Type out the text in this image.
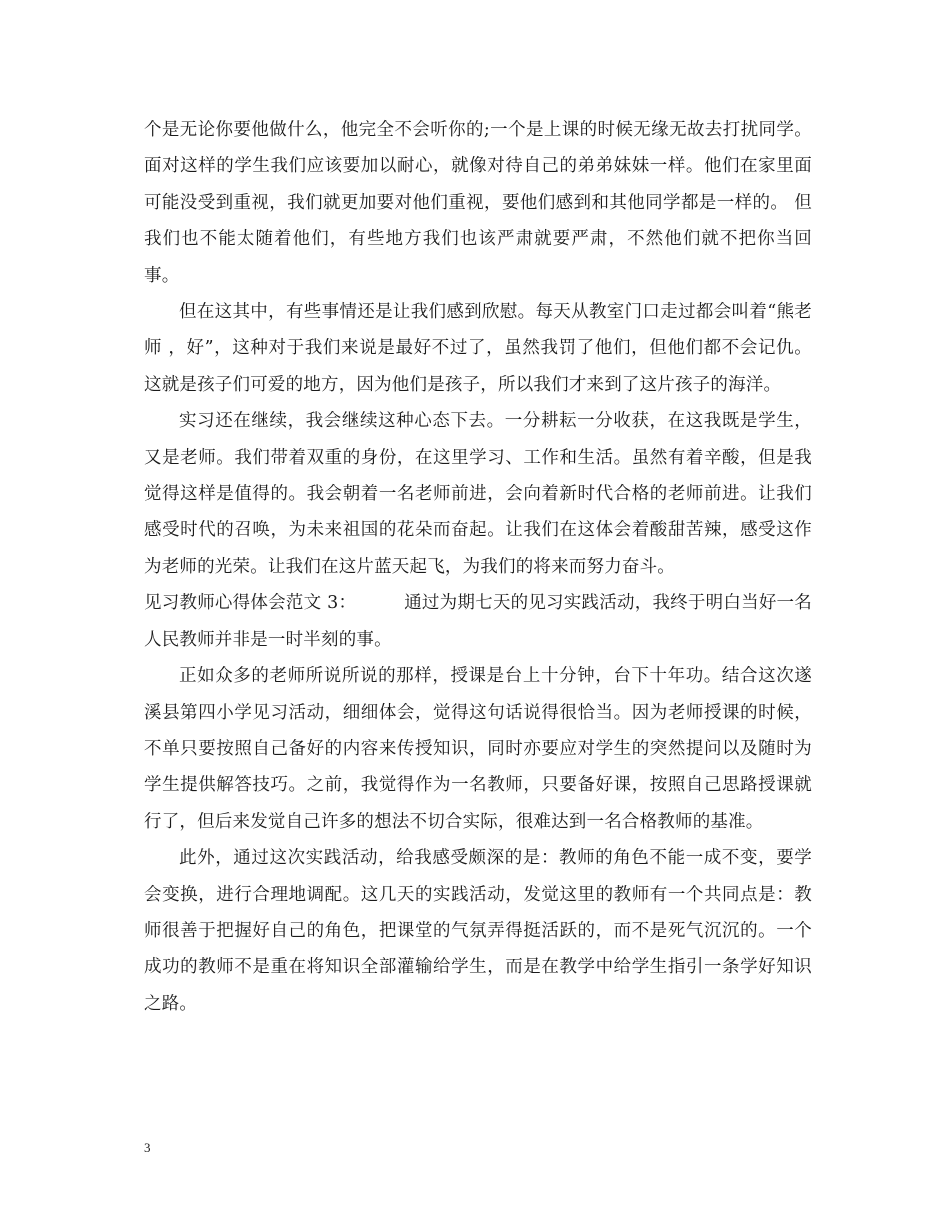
个是无论你要他做什么，他完全不会听你的;一个是上课的时候无缘无故去打扰同学。面对这样的学生我们应该要加以耐心，就像对待自己的弟弟妹妹一样。他们在家里面可能没受到重视，我们就更加要对他们重视，要他们感到和其他同学都是一样的。 但我们也不能太随着他们，有些地方我们也该严肃就要严肃，不然他们就不把你当回事。

但在这其中，有些事情还是让我们感到欣慰。每天从教室门口走过都会叫着“熊老师 ，好”，这种对于我们来说是最好不过了，虽然我罚了他们，但他们都不会记仇。这就是孩子们可爱的地方，因为他们是孩子，所以我们才来到了这片孩子的海洋。

实习还在继续，我会继续这种心态下去。一分耕耘一分收获，在这我既是学生，又是老师。我们带着双重的身份，在这里学习、工作和生活。虽然有着辛酸，但是我觉得这样是值得的。我会朝着一名老师前进，会向着新时代合格的老师前进。让我们感受时代的召唤，为未来祖国的花朵而奋起。让我们在这体会着酸甜苦辣，感受这作为老师的光荣。让我们在这片蓝天起飞，为我们的将来而努力奋斗。

见习教师心得体会范文 3：	通过为期七天的见习实践活动，我终于明白当好一名人民教师并非是一时半刻的事。

正如众多的老师所说所说的那样，授课是台上十分钟，台下十年功。结合这次遂溪县第四小学见习活动，细细体会，觉得这句话说得很恰当。因为老师授课的时候，不单只要按照自己备好的内容来传授知识，同时亦要应对学生的突然提问以及随时为学生提供解答技巧。之前，我觉得作为一名教师，只要备好课，按照自己思路授课就行了，但后来发觉自己许多的想法不切合实际，很难达到一名合格教师的基准。

此外，通过这次实践活动，给我感受颇深的是：教师的角色不能一成不变，要学会变换，进行合理地调配。这几天的实践活动，发觉这里的教师有一个共同点是：教师很善于把握好自己的角色，把课堂的气氛弄得挺活跃的，而不是死气沉沉的。一个成功的教师不是重在将知识全部灌输给学生，而是在教学中给学生指引一条学好知识之路。

3
